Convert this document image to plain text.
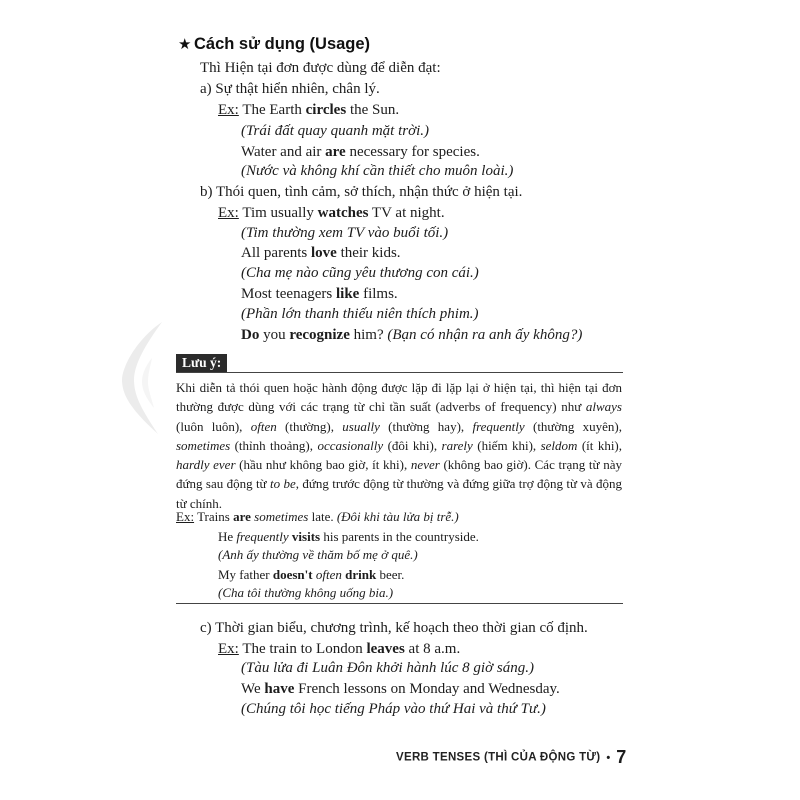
★ Cách sử dụng (Usage)
Thì Hiện tại đơn được dùng để diễn đạt:
a) Sự thật hiển nhiên, chân lý.
Ex: The Earth circles the Sun.
(Trái đất quay quanh mặt trời.)
Water and air are necessary for species.
(Nước và không khí cần thiết cho muôn loài.)
b) Thói quen, tình cảm, sở thích, nhận thức ở hiện tại.
Ex: Tim usually watches TV at night.
(Tim thường xem TV vào buổi tối.)
All parents love their kids.
(Cha mẹ nào cũng yêu thương con cái.)
Most teenagers like films.
(Phần lớn thanh thiếu niên thích phim.)
Do you recognize him? (Bạn có nhận ra anh ấy không?)
Lưu ý:
Khi diễn tả thói quen hoặc hành động được lặp đi lặp lại ở hiện tại, thì hiện tại đơn thường được dùng với các trạng từ chỉ tần suất (adverbs of frequency) như always (luôn luôn), often (thường), usually (thường hay), frequently (thường xuyên), sometimes (thỉnh thoảng), occasionally (đôi khi), rarely (hiếm khi), seldom (ít khi), hardly ever (hầu như không bao giờ, ít khi), never (không bao giờ). Các trạng từ này đứng sau động từ to be, đứng trước động từ thường và đứng giữa trợ động từ và động từ chính.
Ex: Trains are sometimes late. (Đôi khi tàu lửa bị trễ.)
He frequently visits his parents in the countryside.
(Anh ấy thường về thăm bố mẹ ở quê.)
My father doesn't often drink beer.
(Cha tôi thường không uống bia.)
c) Thời gian biểu, chương trình, kế hoạch theo thời gian cố định.
Ex: The train to London leaves at 8 a.m.
(Tàu lửa đi Luân Đôn khởi hành lúc 8 giờ sáng.)
We have French lessons on Monday and Wednesday.
(Chúng tôi học tiếng Pháp vào thứ Hai và thứ Tư.)
VERB TENSES (THÌ CỦA ĐỘNG TỪ) • 7
